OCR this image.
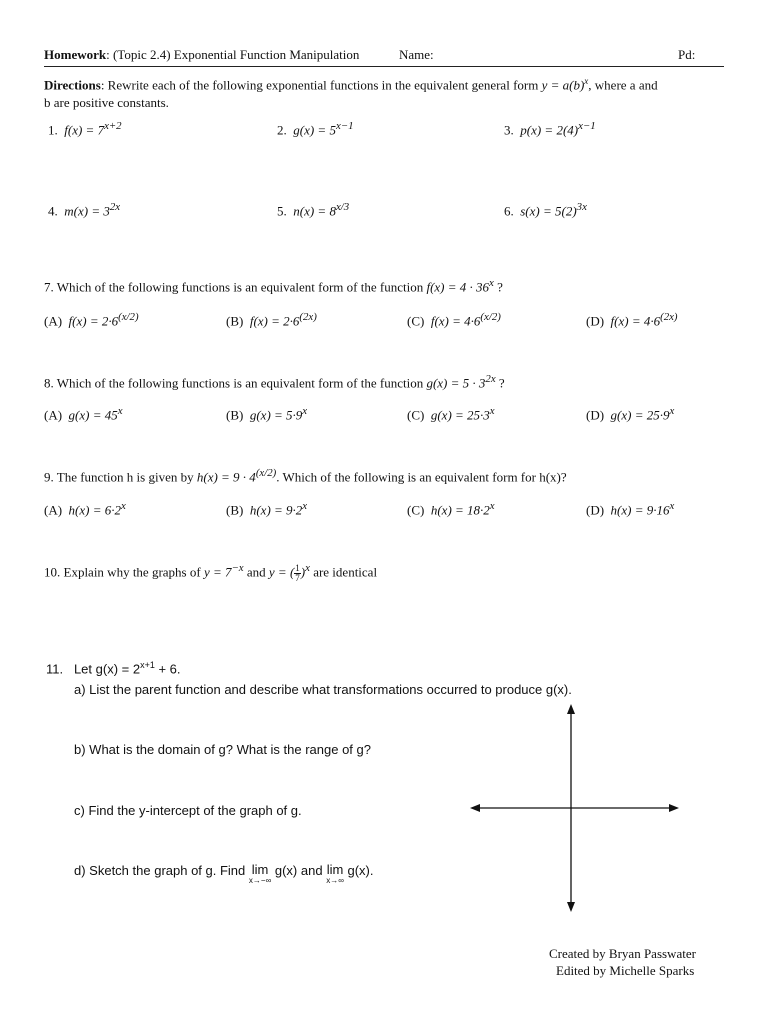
Homework: (Topic 2.4) Exponential Function Manipulation	Name:	Pd:
Directions: Rewrite each of the following exponential functions in the equivalent general form $y = a(b)^x$, where a and
b are positive constants.
1. $f(x) = 7^{x+2}$	2. $g(x) = 5^{x-1}$	3. $p(x) = 2(4)^{x-1}$
4. $m(x) = 3^{2x}$	5. $n(x) = 8^{x/3}$	6. $s(x) = 5(2)^{3x}$
7. Which of the following functions is an equivalent form of the function $f(x) = 4 \cdot 36^x$ ?
(A) $f(x) = 2\cdot 6^{(x/2)}$	(B) $f(x) = 2\cdot 6^{(2x)}$	(C) $f(x) = 4\cdot 6^{(x/2)}$	(D) $f(x) = 4\cdot 6^{(2x)}$
8. Which of the following functions is an equivalent form of the function $g(x) = 5 \cdot 3^{2x}$ ?
(A) $g(x) = 45^x$	(B) $g(x) = 5\cdot 9^x$	(C) $g(x) = 25\cdot 3^x$	(D) $g(x) = 25\cdot 9^x$
9. The function h is given by $h(x) = 9 \cdot 4^{(x/2)}$. Which of the following is an equivalent form for h(x)?
(A) $h(x) = 6\cdot 2^x$	(B) $h(x) = 9\cdot 2^x$	(C) $h(x) = 18\cdot 2^x$	(D) $h(x) = 9\cdot 16^x$
10. Explain why the graphs of $y = 7^{-x}$ and y = ( $\frac{1}{7} )^x$ are identical
11. Let $g(x) = 2^{x+1} + 6$.
a) List the parent function and describe what transformations occurred to produce g(x).
b) What is the domain of g? What is the range of g?
c) Find the y-intercept of the graph of g.
d) Sketch the graph of g. Find lim

x→−∞
g(x) and lim

x→∞
g(x).
Created by Bryan Passwater
Edited by Michelle Sparks
